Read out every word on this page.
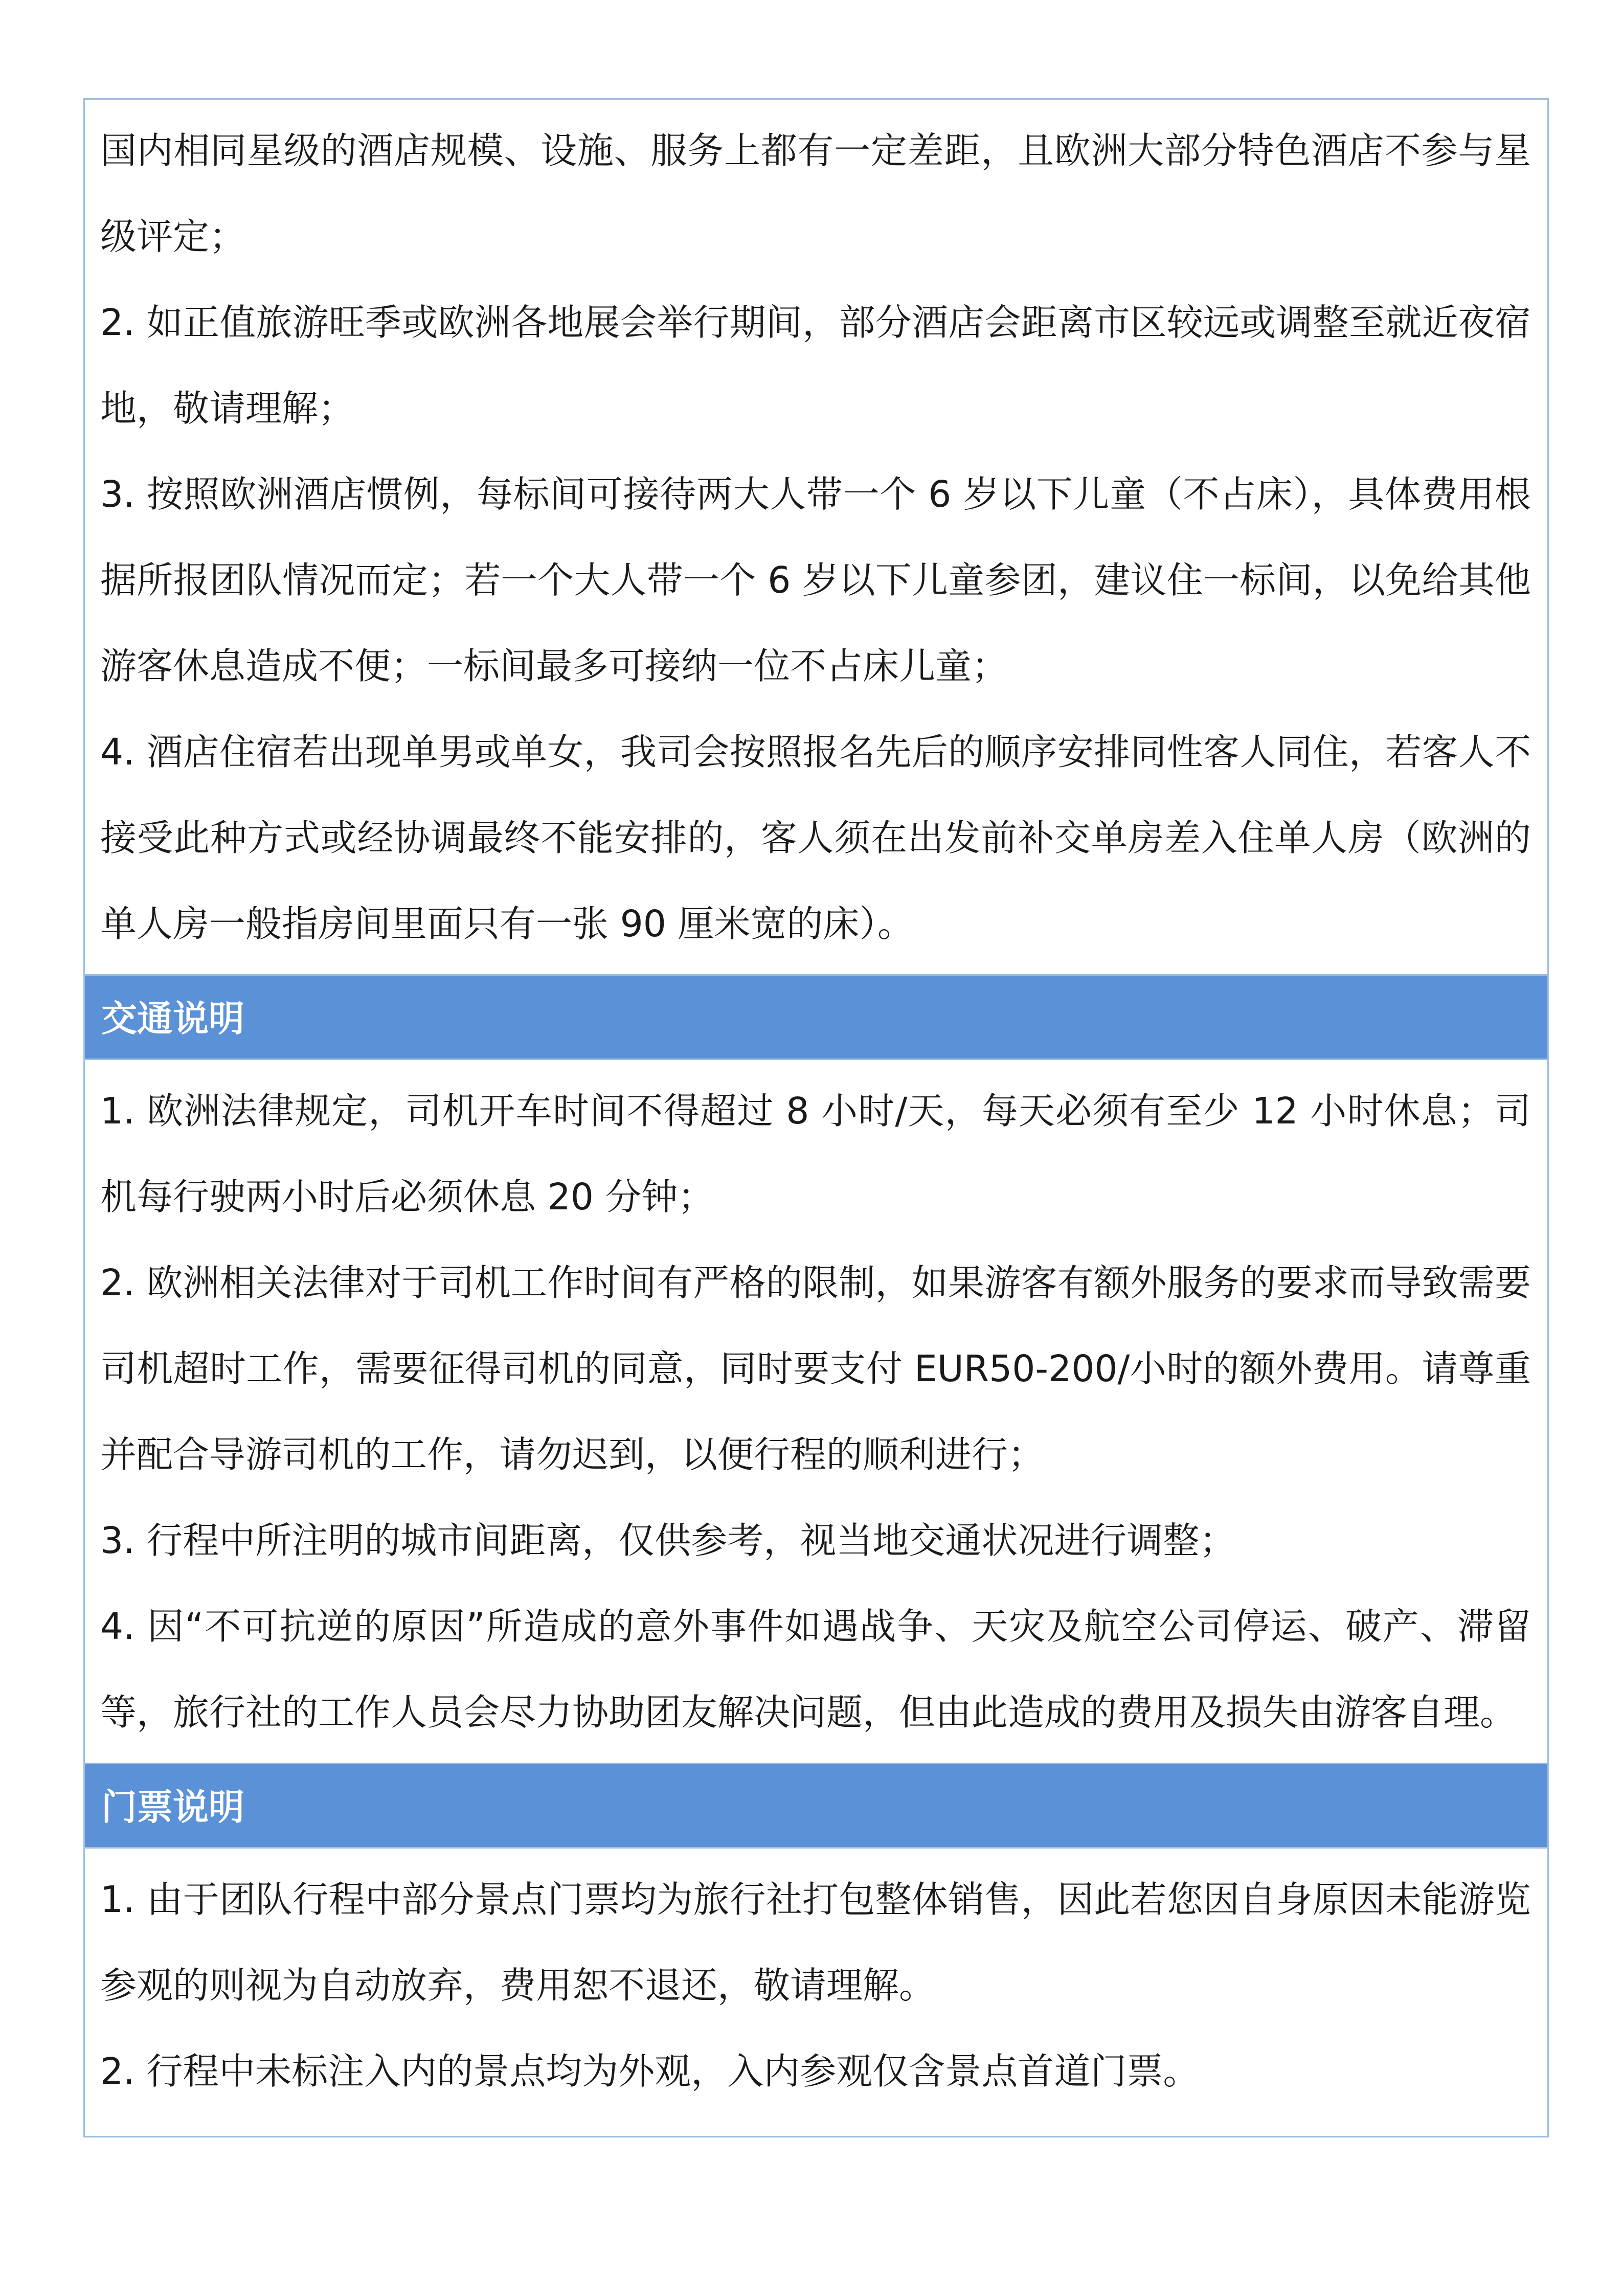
国内相同星级的酒店规模、设施、服务上都有一定差距，且欧洲大部分特色酒店不参与星级评定；
2. 如正值旅游旺季或欧洲各地展会举行期间，部分酒店会距离市区较远或调整至就近夜宿地，敬请理解；
3. 按照欧洲酒店惯例，每标间可接待两大人带一个 6 岁以下儿童（不占床），具体费用根据所报团队情况而定；若一个大人带一个 6 岁以下儿童参团，建议住一标间，以免给其他游客休息造成不便；一标间最多可接纳一位不占床儿童；
4. 酒店住宿若出现单男或单女，我司会按照报名先后的顺序安排同性客人同住，若客人不接受此种方式或经协调最终不能安排的，客人须在出发前补交单房差入住单人房（欧洲的单人房一般指房间里面只有一张 90 厘米宽的床）。
交通说明
1. 欧洲法律规定，司机开车时间不得超过 8 小时/天，每天必须有至少 12 小时休息；司机每行驶两小时后必须休息 20 分钟；
2. 欧洲相关法律对于司机工作时间有严格的限制，如果游客有额外服务的要求而导致需要司机超时工作，需要征得司机的同意，同时要支付 EUR50-200/小时的额外费用。请尊重并配合导游司机的工作，请勿迟到，以便行程的顺利进行；
3. 行程中所注明的城市间距离，仅供参考，视当地交通状况进行调整；
4. 因“不可抗逆的原因”所造成的意外事件如遇战争、天灾及航空公司停运、破产、滞留等，旅行社的工作人员会尽力协助团友解决问题，但由此造成的费用及损失由游客自理。
门票说明
1. 由于团队行程中部分景点门票均为旅行社打包整体销售，因此若您因自身原因未能游览参观的则视为自动放弃，费用恕不退还，敬请理解。
2. 行程中未标注入内的景点均为外观，入内参观仅含景点首道门票。
